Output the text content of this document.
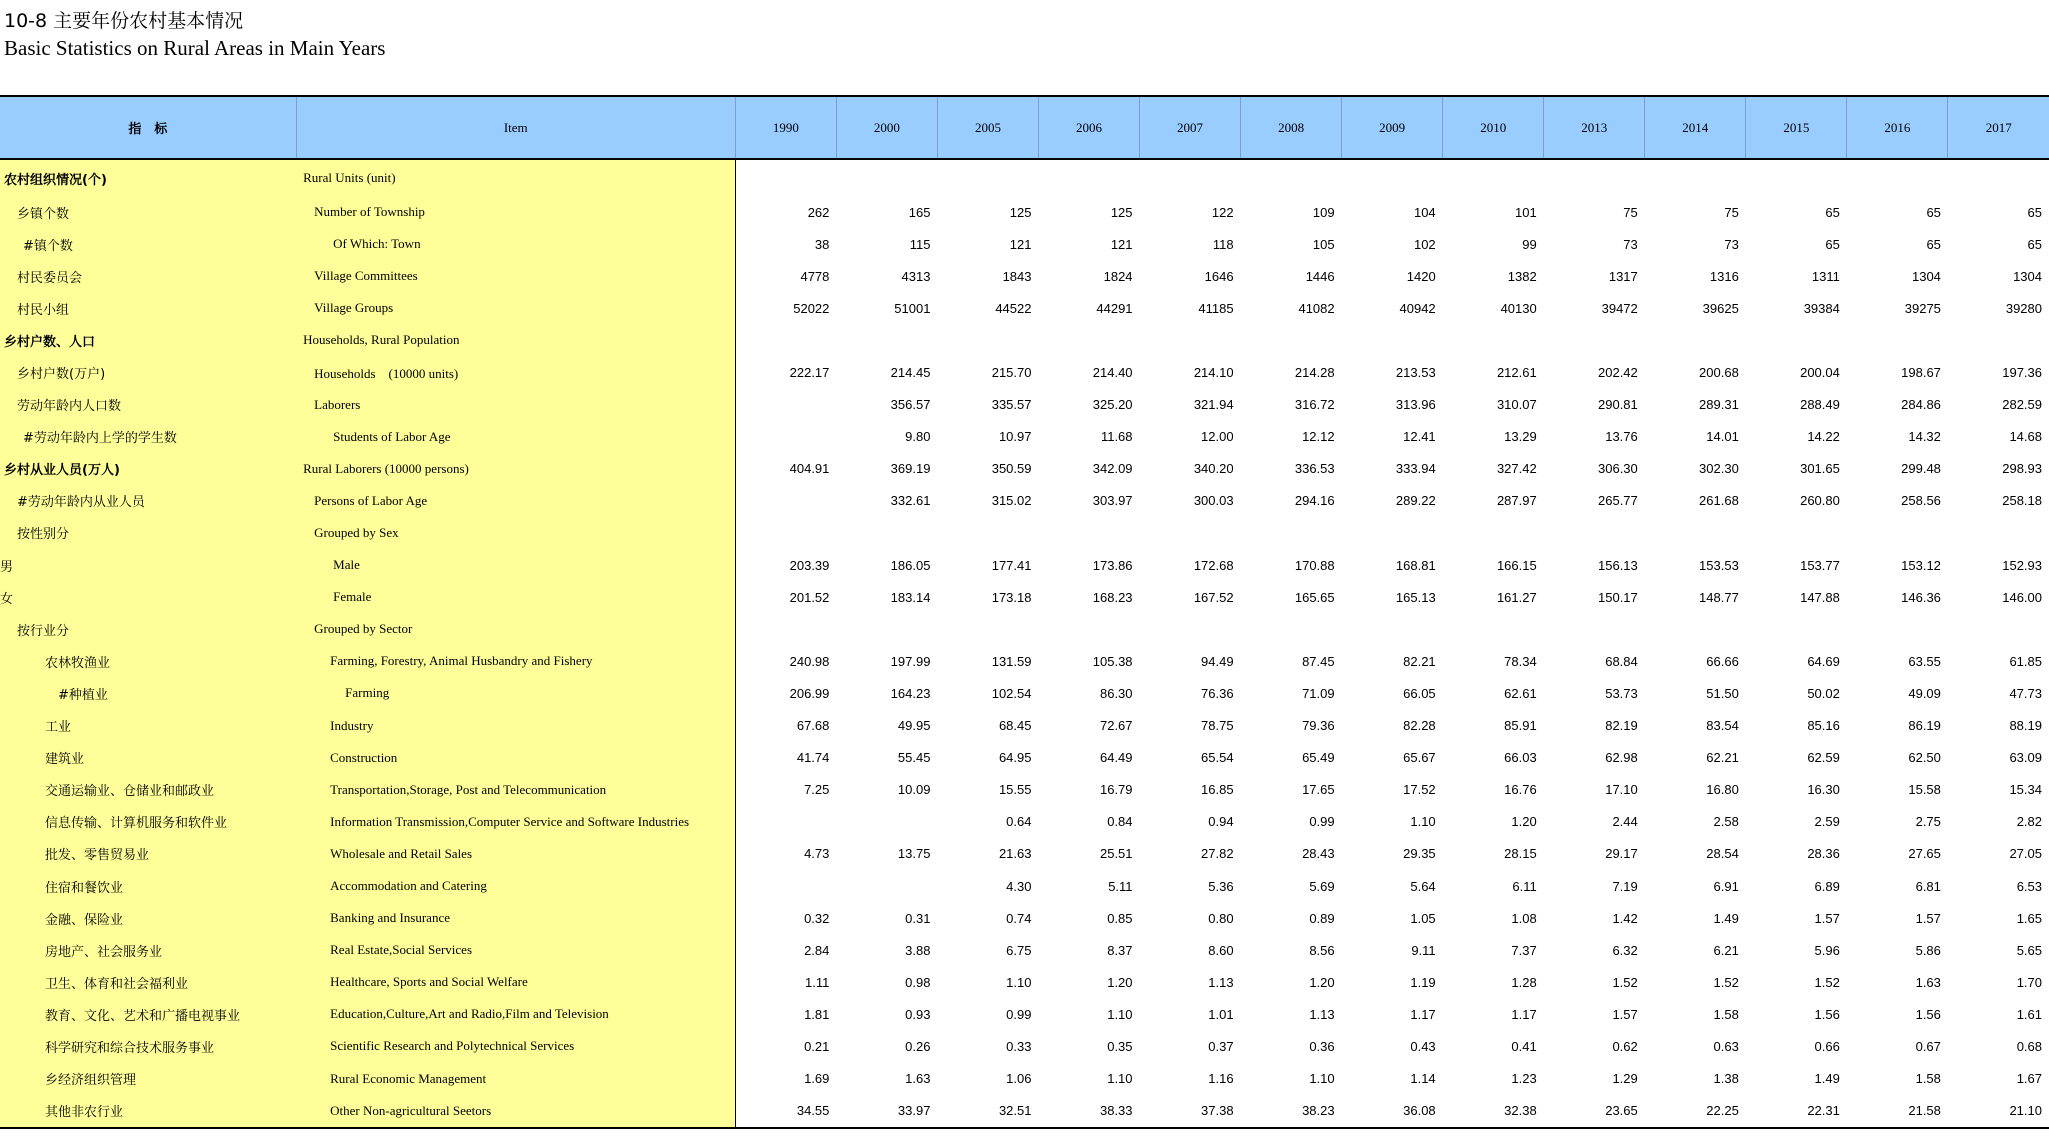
10-8 主要年份农村基本情况
Basic Statistics on Rural Areas in Main Years
指　标	Item	1990	2000	2005	2006	2007	2008	2009	2010	2013	2014	2015	2016	2017
农村组织情况(个)	Rural Units (unit)													
乡镇个数	Number of Township	262	165	125	125	122	109	104	101	75	75	65	65	65
#镇个数	Of Which: Town	38	115	121	121	118	105	102	99	73	73	65	65	65
村民委员会	Village Committees	4778	4313	1843	1824	1646	1446	1420	1382	1317	1316	1311	1304	1304
村民小组	Village Groups	52022	51001	44522	44291	41185	41082	40942	40130	39472	39625	39384	39275	39280
乡村户数、人口	Households, Rural Population													
乡村户数(万户)	Households　(10000 units)	222.17	214.45	215.70	214.40	214.10	214.28	213.53	212.61	202.42	200.68	200.04	198.67	197.36
劳动年龄内人口数	Laborers		356.57	335.57	325.20	321.94	316.72	313.96	310.07	290.81	289.31	288.49	284.86	282.59
#劳动年龄内上学的学生数	Students of Labor Age		9.80	10.97	11.68	12.00	12.12	12.41	13.29	13.76	14.01	14.22	14.32	14.68
乡村从业人员(万人)	Rural Laborers (10000 persons)	404.91	369.19	350.59	342.09	340.20	336.53	333.94	327.42	306.30	302.30	301.65	299.48	298.93
#劳动年龄内从业人员	Persons of Labor Age		332.61	315.02	303.97	300.03	294.16	289.22	287.97	265.77	261.68	260.80	258.56	258.18
按性别分	Grouped by Sex													
男	Male	203.39	186.05	177.41	173.86	172.68	170.88	168.81	166.15	156.13	153.53	153.77	153.12	152.93
女	Female	201.52	183.14	173.18	168.23	167.52	165.65	165.13	161.27	150.17	148.77	147.88	146.36	146.00
按行业分	Grouped by Sector													
农林牧渔业	Farming, Forestry, Animal Husbandry and Fishery	240.98	197.99	131.59	105.38	94.49	87.45	82.21	78.34	68.84	66.66	64.69	63.55	61.85
#种植业	Farming	206.99	164.23	102.54	86.30	76.36	71.09	66.05	62.61	53.73	51.50	50.02	49.09	47.73
工业	Industry	67.68	49.95	68.45	72.67	78.75	79.36	82.28	85.91	82.19	83.54	85.16	86.19	88.19
建筑业	Construction	41.74	55.45	64.95	64.49	65.54	65.49	65.67	66.03	62.98	62.21	62.59	62.50	63.09
交通运输业、仓储业和邮政业	Transportation,Storage, Post and Telecommunication	7.25	10.09	15.55	16.79	16.85	17.65	17.52	16.76	17.10	16.80	16.30	15.58	15.34
信息传输、计算机服务和软件业	Information Transmission,Computer Service and Software Industries			0.64	0.84	0.94	0.99	1.10	1.20	2.44	2.58	2.59	2.75	2.82
批发、零售贸易业	Wholesale and Retail Sales	4.73	13.75	21.63	25.51	27.82	28.43	29.35	28.15	29.17	28.54	28.36	27.65	27.05
住宿和餐饮业	Accommodation and Catering			4.30	5.11	5.36	5.69	5.64	6.11	7.19	6.91	6.89	6.81	6.53
金融、保险业	Banking and Insurance	0.32	0.31	0.74	0.85	0.80	0.89	1.05	1.08	1.42	1.49	1.57	1.57	1.65
房地产、社会服务业	Real Estate,Social Services	2.84	3.88	6.75	8.37	8.60	8.56	9.11	7.37	6.32	6.21	5.96	5.86	5.65
卫生、体育和社会福利业	Healthcare, Sports and Social Welfare	1.11	0.98	1.10	1.20	1.13	1.20	1.19	1.28	1.52	1.52	1.52	1.63	1.70
教育、文化、艺术和广播电视事业	Education,Culture,Art and Radio,Film and Television	1.81	0.93	0.99	1.10	1.01	1.13	1.17	1.17	1.57	1.58	1.56	1.56	1.61
科学研究和综合技术服务事业	Scientific Research and Polytechnical Services	0.21	0.26	0.33	0.35	0.37	0.36	0.43	0.41	0.62	0.63	0.66	0.67	0.68
乡经济组织管理	Rural Economic Management	1.69	1.63	1.06	1.10	1.16	1.10	1.14	1.23	1.29	1.38	1.49	1.58	1.67
其他非农行业	Other Non-agricultural Seetors	34.55	33.97	32.51	38.33	37.38	38.23	36.08	32.38	23.65	22.25	22.31	21.58	21.10
